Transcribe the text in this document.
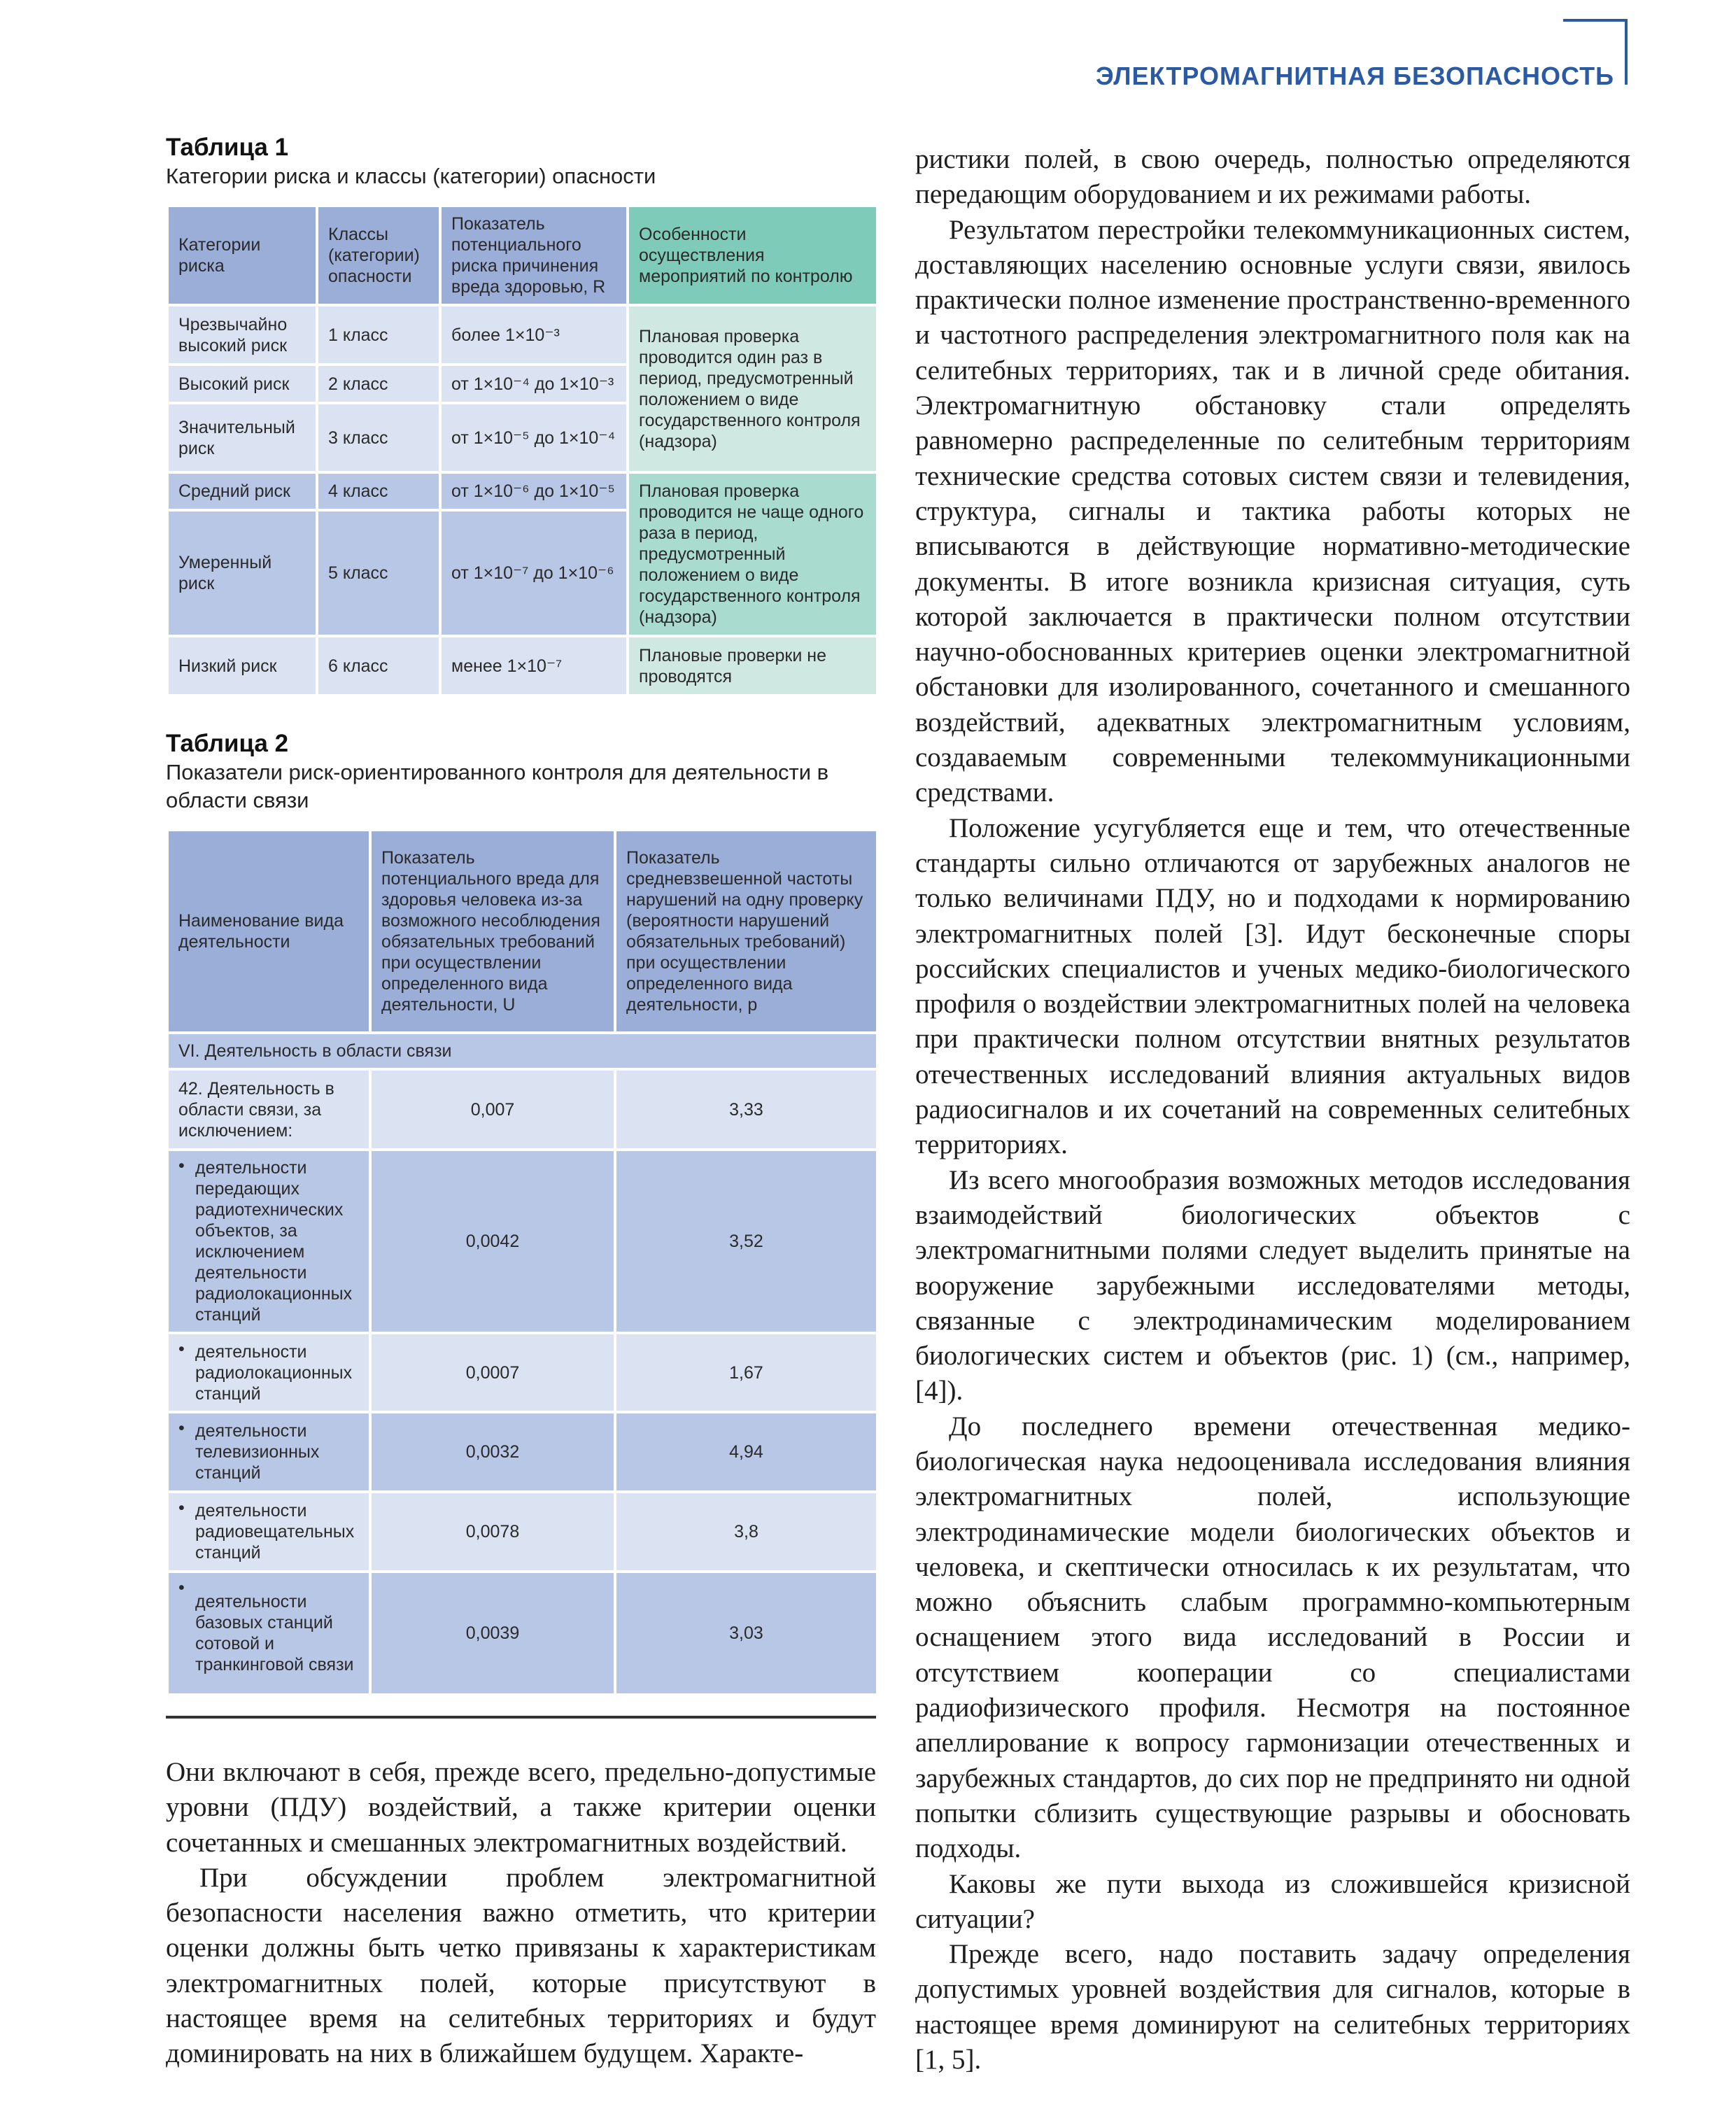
ЭЛЕКТРОМАГНИТНАЯ БЕЗОПАСНОСТЬ
Таблица 1
Категории риска и классы (категории) опасности
Категории риска	Классы (категории) опасности	Показатель потенциального риска причинения вреда здоровью, R	Особенности осуществления мероприятий по контролю
Чрезвычайно высокий риск	1 класс	более 1×10⁻³	Плановая проверка проводится один раз в период, предусмотренный положением о виде государственного контроля (надзора)
Высокий риск	2 класс	от 1×10⁻⁴ до 1×10⁻³	
Значительный риск	3 класс	от 1×10⁻⁵ до 1×10⁻⁴	
Средний риск	4 класс	от 1×10⁻⁶ до 1×10⁻⁵	Плановая проверка проводится не чаще одного раза в период, предусмотренный положением о виде государственного контроля (надзора)
Умеренный риск	5 класс	от 1×10⁻⁷ до 1×10⁻⁶	
Низкий риск	6 класс	менее 1×10⁻⁷	Плановые проверки не проводятся
Таблица 2
Показатели риск-ориентированного контроля для деятельности в области связи
Наименование вида деятельности	Показатель потенциального вреда для здоровья человека из-за возможного несоблюдения обязательных требований при осуществлении определенного вида деятельности, U	Показатель средневзвешенной частоты нарушений на одну проверку (вероятности нарушений обязательных требований) при осуществлении определенного вида деятельности, p
VI. Деятельность в области связи		
42. Деятельность в области связи, за исключением:	0,007	3,33
• деятельности передающих радиотехнических объектов, за исключением деятельности радиолокационных станций	0,0042	3,52
• деятельности радиолокационных станций	0,0007	1,67
• деятельности телевизионных станций	0,0032	4,94
• деятельности радиовещательных станций	0,0078	3,8
• деятельности базовых станций сотовой и транкинговой связи	0,0039	3,03

Они включают в себя, прежде всего, предельно-допустимые уровни (ПДУ) воздействий, а также критерии оценки сочетанных и смешанных электромагнитных воздействий.

При обсуждении проблем электромагнитной безопасности населения важно отметить, что критерии оценки должны быть четко привязаны к характеристикам электромагнитных полей, которые присутствуют в настоящее время на селитебных территориях и будут доминировать на них в ближайшем будущем. Характе-

ристики полей, в свою очередь, полностью определяются передающим оборудованием и их режимами работы.

Результатом перестройки телекоммуникационных систем, доставляющих населению основные услуги связи, явилось практически полное изменение пространственно-временного и частотного распределения электромагнитного поля как на селитебных территориях, так и в личной среде обитания. Электромагнитную обстановку стали определять равномерно распределенные по селитебным территориям технические средства сотовых систем связи и телевидения, структура, сигналы и тактика работы которых не вписываются в действующие нормативно-методические документы. В итоге возникла кризисная ситуация, суть которой заключается в практически полном отсутствии научно-обоснованных критериев оценки электромагнитной обстановки для изолированного, сочетанного и смешанного воздействий, адекватных электромагнитным условиям, создаваемым современными телекоммуникационными средствами.

Положение усугубляется еще и тем, что отечественные стандарты сильно отличаются от зарубежных аналогов не только величинами ПДУ, но и подходами к нормированию электромагнитных полей [3]. Идут бесконечные споры российских специалистов и ученых медико-биологического профиля о воздействии электромагнитных полей на человека при практически полном отсутствии внятных результатов отечественных исследований влияния актуальных видов радиосигналов и их сочетаний на современных селитебных территориях.

Из всего многообразия возможных методов исследования взаимодействий биологических объектов с электромагнитными полями следует выделить принятые на вооружение зарубежными исследователями методы, связанные с электродинамическим моделированием биологических систем и объектов (рис. 1) (см., например, [4]).

До последнего времени отечественная медико-биологическая наука недооценивала исследования влияния электромагнитных полей, использующие электродинамические модели биологических объектов и человека, и скептически относилась к их результатам, что можно объяснить слабым программно-компьютерным оснащением этого вида исследований в России и отсутствием кооперации со специалистами радиофизического профиля. Несмотря на постоянное апеллирование к вопросу гармонизации отечественных и зарубежных стандартов, до сих пор не предпринято ни одной попытки сблизить существующие разрывы и обосновать подходы.

Каковы же пути выхода из сложившейся кризисной ситуации?

Прежде всего, надо поставить задачу определения допустимых уровней воздействия для сигналов, которые в настоящее время доминируют на селитебных территориях [1, 5].
